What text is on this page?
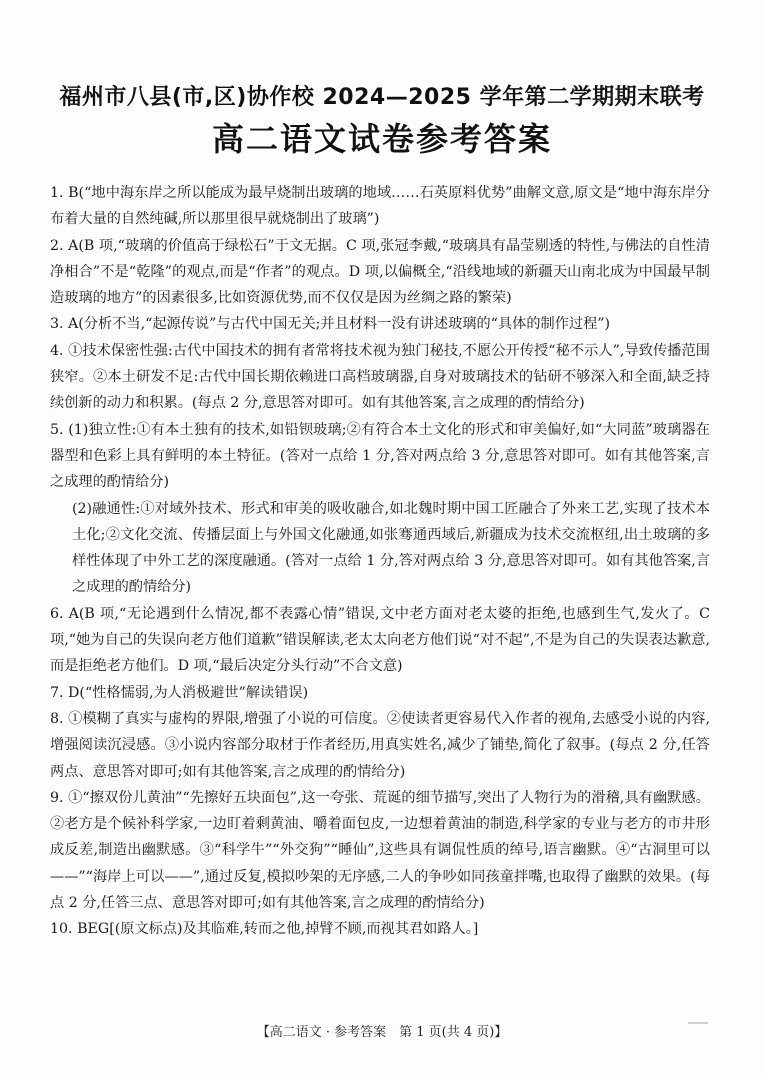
福州市八县(市,区)协作校 2024—2025 学年第二学期期末联考
高二语文试卷参考答案

1. B(“地中海东岸之所以能成为最早烧制出玻璃的地域……石英原料优势”曲解文意,原文是“地中海东岸分布着大量的自然纯碱,所以那里很早就烧制出了玻璃”)

2. A(B 项,“玻璃的价值高于绿松石”于文无据。C 项,张冠李戴,“玻璃具有晶莹剔透的特性,与佛法的自性清净相合”不是“乾隆”的观点,而是“作者”的观点。D 项,以偏概全,“沿线地域的新疆天山南北成为中国最早制造玻璃的地方”的因素很多,比如资源优势,而不仅仅是因为丝绸之路的繁荣)

3. A(分析不当,“起源传说”与古代中国无关;并且材料一没有讲述玻璃的“具体的制作过程”)

4. ①技术保密性强:古代中国技术的拥有者常将技术视为独门秘技,不愿公开传授“秘不示人”,导致传播范围狭窄。②本土研发不足:古代中国长期依赖进口高档玻璃器,自身对玻璃技术的钻研不够深入和全面,缺乏持续创新的动力和积累。(每点 2 分,意思答对即可。如有其他答案,言之成理的酌情给分)

5. (1)独立性:①有本土独有的技术,如铅钡玻璃;②有符合本土文化的形式和审美偏好,如“大同蓝”玻璃器在器型和色彩上具有鲜明的本土特征。(答对一点给 1 分,答对两点给 3 分,意思答对即可。如有其他答案,言之成理的酌情给分)

(2)融通性:①对域外技术、形式和审美的吸收融合,如北魏时期中国工匠融合了外来工艺,实现了技术本土化;②文化交流、传播层面上与外国文化融通,如张骞通西域后,新疆成为技术交流枢纽,出土玻璃的多样性体现了中外工艺的深度融通。(答对一点给 1 分,答对两点给 3 分,意思答对即可。如有其他答案,言之成理的酌情给分)

6. A(B 项,“无论遇到什么情况,都不表露心情”错误,文中老方面对老太婆的拒绝,也感到生气,发火了。C 项,“她为自己的失误向老方他们道歉”错误解读,老太太向老方他们说“对不起”,不是为自己的失误表达歉意,而是拒绝老方他们。D 项,“最后决定分头行动”不合文意)

7. D(“性格懦弱,为人消极避世”解读错误)

8. ①模糊了真实与虚构的界限,增强了小说的可信度。②使读者更容易代入作者的视角,去感受小说的内容,增强阅读沉浸感。③小说内容部分取材于作者经历,用真实姓名,减少了铺垫,简化了叙事。(每点 2 分,任答两点、意思答对即可;如有其他答案,言之成理的酌情给分)

9. ①“擦双份儿黄油”“先擦好五块面包”,这一夸张、荒诞的细节描写,突出了人物行为的滑稽,具有幽默感。②老方是个候补科学家,一边盯着剩黄油、嚼着面包皮,一边想着黄油的制造,科学家的专业与老方的市井形成反差,制造出幽默感。③“科学牛”“外交狗”“睡仙”,这些具有调侃性质的绰号,语言幽默。④“古洞里可以——”“海岸上可以——”,通过反复,模拟吵架的无序感,二人的争吵如同孩童拌嘴,也取得了幽默的效果。(每点 2 分,任答三点、意思答对即可;如有其他答案,言之成理的酌情给分)

10. BEG[(原文标点)及其临难,转而之他,掉臂不顾,而视其君如路人。]

【高二语文 · 参考答案　第 1 页(共 4 页)】
